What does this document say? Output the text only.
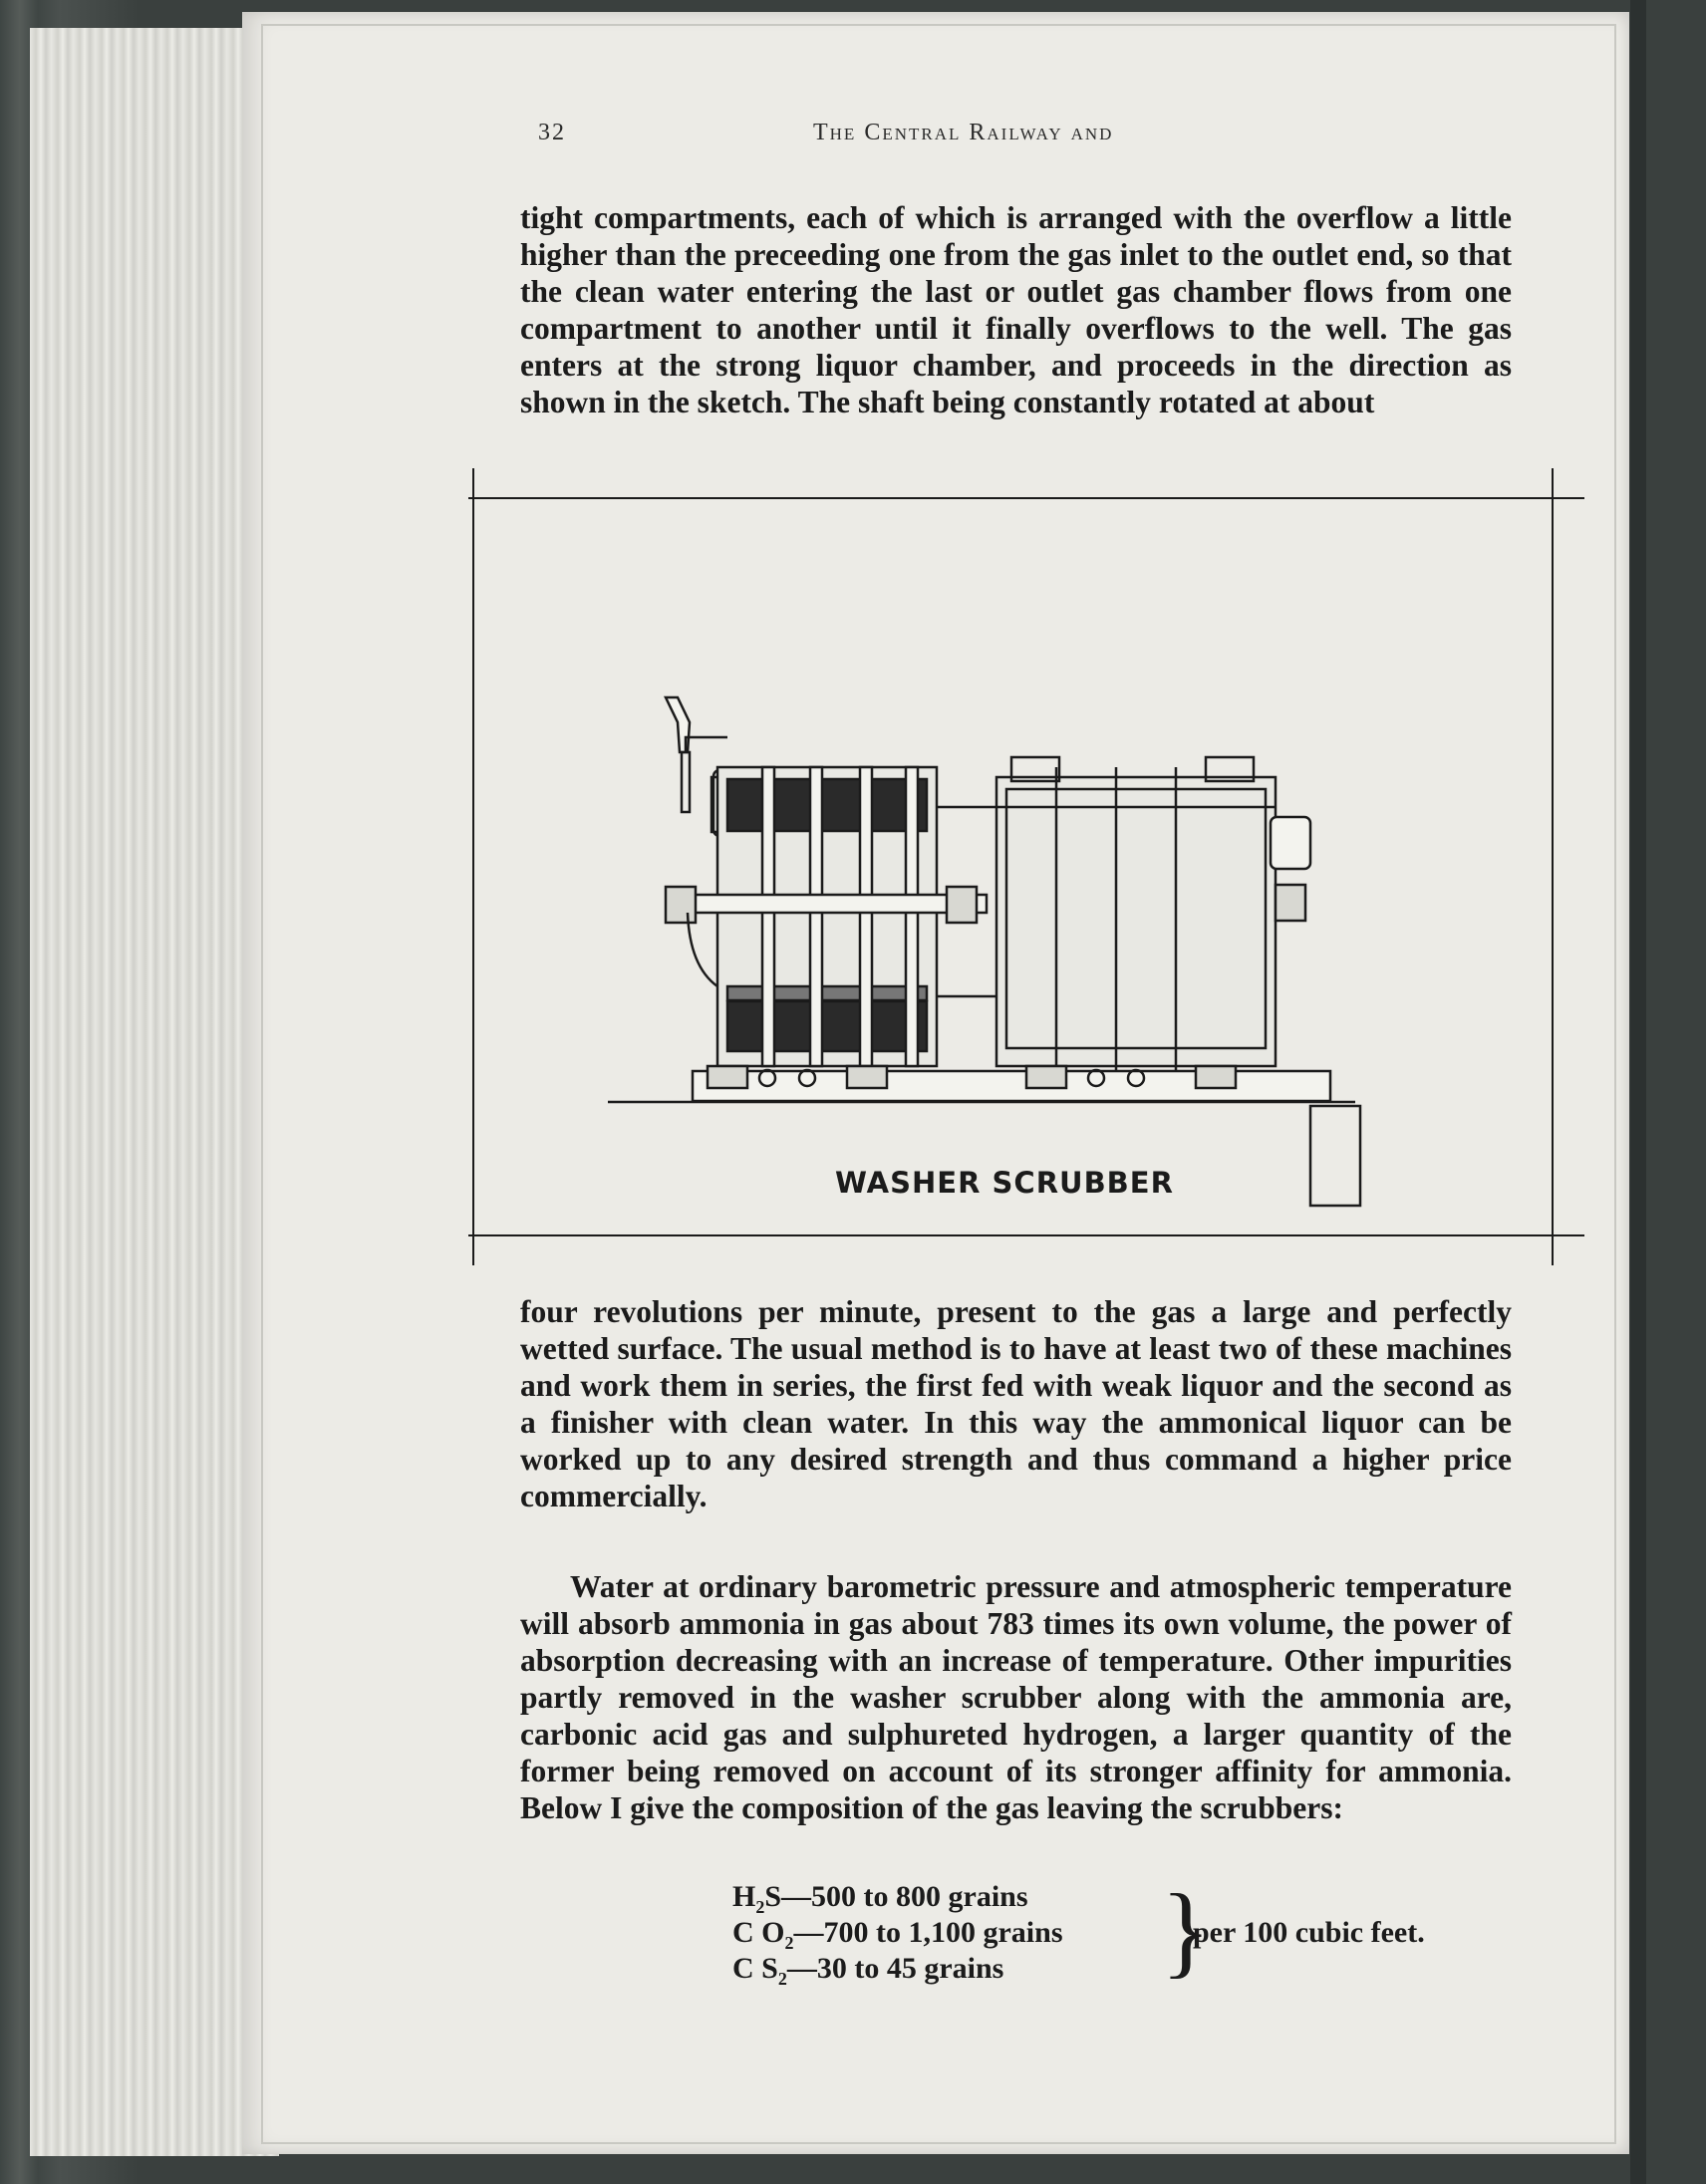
32	The Central Railway and

tight compartments, each of which is arranged with the overflow a little higher than the preceeding one from the gas inlet to the outlet end, so that the clean water entering the last or outlet gas chamber flows from one compartment to another until it finally overflows to the well. The gas enters at the strong liquor chamber, and proceeds in the direction as shown in the sketch. The shaft being constantly rotated at about

WASHER SCRUBBER

four revolutions per minute, present to the gas a large and perfectly wetted surface. The usual method is to have at least two of these machines and work them in series, the first fed with weak liquor and the second as a finisher with clean water. In this way the ammonical liquor can be worked up to any desired strength and thus command a higher price commercially.

Water at ordinary barometric pressure and atmospheric temperature will absorb ammonia in gas about 783 times its own volume, the power of absorption decreasing with an increase of temperature. Other impurities partly removed in the washer scrubber along with the ammonia are, carbonic acid gas and sulphureted hydrogen, a larger quantity of the former being removed on account of its stronger affinity for ammonia. Below I give the composition of the gas leaving the scrubbers:

$H_2S—500$ to 800 grains
C $O_2—700$ to 1,100 grains
C $S_2—30$ to 45 grains }
per 100 cubic feet.
